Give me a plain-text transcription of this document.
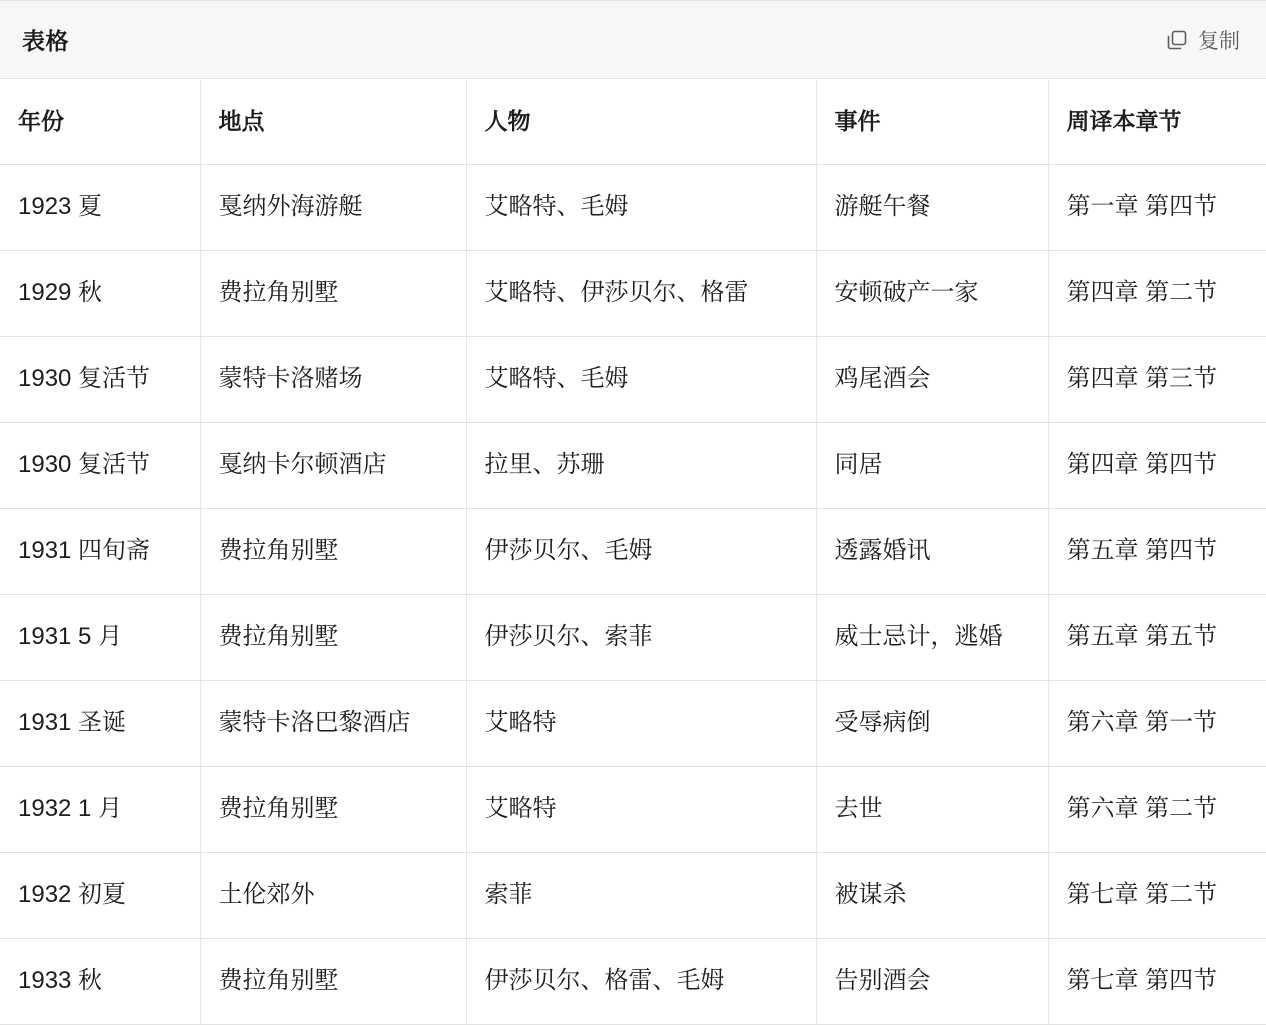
表格	复制
年份	地点	人物	事件	周译本章节
1923 夏	戛纳外海游艇	艾略特、毛姆	游艇午餐	第一章 第四节
1929 秋	费拉角别墅	艾略特、伊莎贝尔、格雷	安顿破产一家	第四章 第二节
1930 复活节	蒙特卡洛赌场	艾略特、毛姆	鸡尾酒会	第四章 第三节
1930 复活节	戛纳卡尔顿酒店	拉里、苏珊	同居	第四章 第四节
1931 四旬斋	费拉角别墅	伊莎贝尔、毛姆	透露婚讯	第五章 第四节
1931 5 月	费拉角别墅	伊莎贝尔、索菲	威士忌计，逃婚	第五章 第五节
1931 圣诞	蒙特卡洛巴黎酒店	艾略特	受辱病倒	第六章 第一节
1932 1 月	费拉角别墅	艾略特	去世	第六章 第二节
1932 初夏	土伦郊外	索菲	被谋杀	第七章 第二节
1933 秋	费拉角别墅	伊莎贝尔、格雷、毛姆	告别酒会	第七章 第四节
